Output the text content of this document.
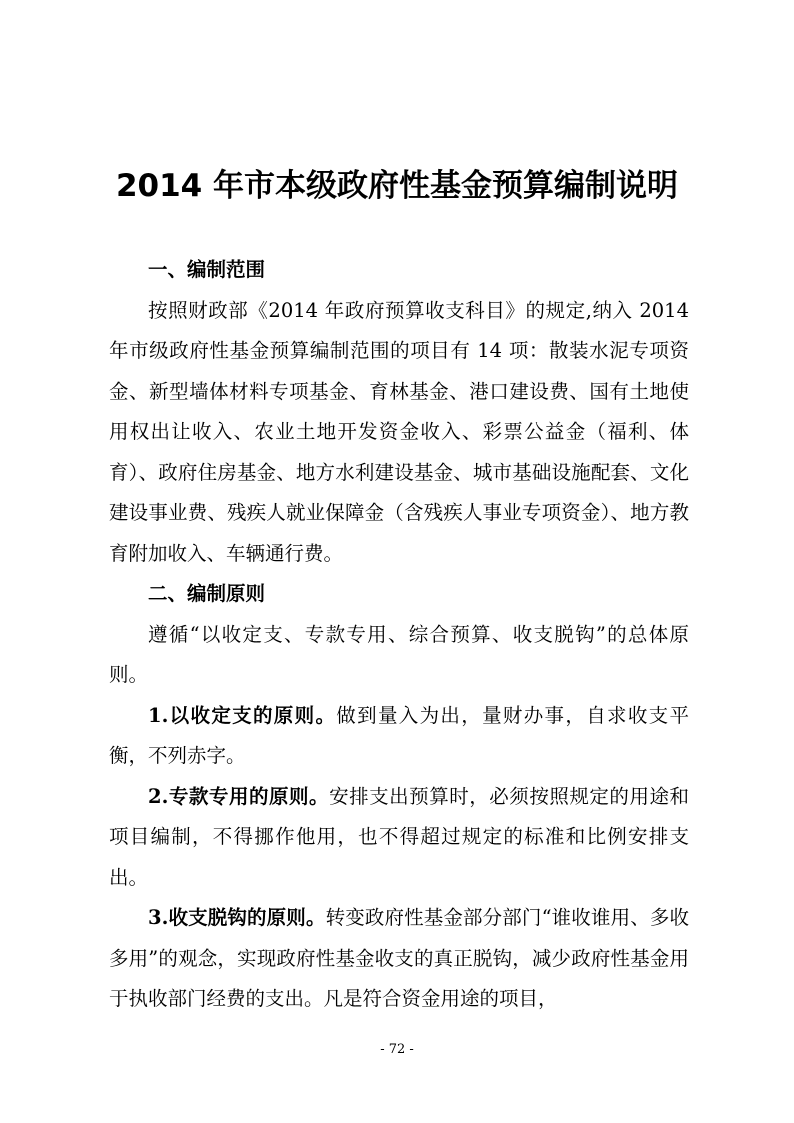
2014 年市本级政府性基金预算编制说明
一、编制范围

按照财政部《2014 年政府预算收支科目》的规定,纳入 2014 年市级政府性基金预算编制范围的项目有 14 项：散装水泥专项资金、新型墙体材料专项基金、育林基金、港口建设费、国有土地使用权出让收入、农业土地开发资金收入、彩票公益金（福利、体育）、政府住房基金、地方水利建设基金、城市基础设施配套、文化建设事业费、残疾人就业保障金（含残疾人事业专项资金）、地方教育附加收入、车辆通行费。

二、编制原则

遵循“以收定支、专款专用、综合预算、收支脱钩”的总体原则。

1.以收定支的原则。做到量入为出，量财办事，自求收支平衡，不列赤字。

2.专款专用的原则。安排支出预算时，必须按照规定的用途和项目编制，不得挪作他用，也不得超过规定的标准和比例安排支出。

3.收支脱钩的原则。转变政府性基金部分部门“谁收谁用、多收多用”的观念，实现政府性基金收支的真正脱钩，减少政府性基金用于执收部门经费的支出。凡是符合资金用途的项目，

- 72 -
